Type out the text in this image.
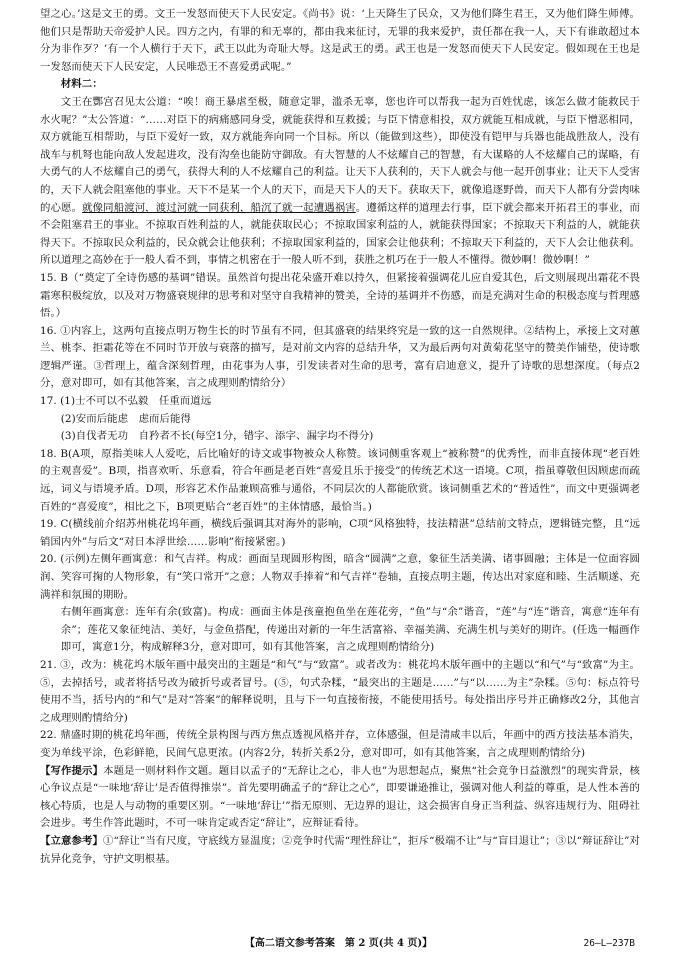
望之心。’这是文王的勇。文王一发怒而使天下人民安定。《尚书》说：‘上天降生了民众，又为他们降生君王，又为他们降生师傅。他们只是帮助天帝爱护人民。四方之内，有罪的和无辜的，都由我来征讨，无罪的我来爱护，责任都在我一人，天下有谁敢超过本分为非作歹？’有一个人横行于天下，武王以此为奇耻大辱。这是武王的勇。武王也是一发怒而使天下人民安定。假如现在王也是一发怒而使天下人民安定，人民唯恐王不喜爱勇武呢。”

材料二：

文王在酆宫召见太公道：“唉！商王暴虐至极，随意定罪，滥杀无辜，您也许可以帮我一起为百姓忧虑，该怎么做才能救民于水火呢？”太公答道：“……对臣下的病痛感同身受，就能获得和互救援；与臣下情意相投，双方就能互相成就，与臣下憎恶相同，双方就能互相帮助，与臣下爱好一致，双方就能奔向同一个目标。所以（能做到这些），即使没有铠甲与兵器也能战胜敌人，没有战车与机弩也能向敌人发起进攻，没有沟垒也能防守御敌。有大智慧的人不炫耀自己的智慧，有大谋略的人不炫耀自己的谋略，有大勇气的人不炫耀自己的勇气，获得大利的人不炫耀自己的利益。让天下人获利的，天下人就会与他一起开创事业；让天下人受害的，天下人就会阻塞他的事业。天下不是某一个人的天下，而是天下人的天下。获取天下，就像追逐野兽，而天下人都有分尝肉味的心愿。就像同船渡河，渡过河就一同获利，船沉了就一起遭遇祸害。遵循这样的道理去行事，臣下就会都来开拓君王的事业，而不会阻塞君王的事业。不掠取百姓利益的人，就能获取民心；不掠取国家利益的人，就能获得国家；不掠取天下利益的人，就能获得天下。不掠取民众利益的，民众就会让他获利；不掠取国家利益的，国家会让他获利；不掠取天下利益的，天下人会让他获利。所以道理之高妙在于一般人看不到，事情之机密在于一般人听不到，获胜之机巧在于一般人不懂得。微妙啊！微妙啊！”

15. B（“奠定了全诗伤感的基调”错误。虽然首句提出花朵盛开难以持久，但紧接着强调花儿应自爱其色，后文则展现出霜花不畏霜寒积极绽放，以及对万物盛衰规律的思考和对坚守自我精神的赞美，全诗的基调并不伤感，而是充满对生命的积极态度与哲理感悟。）

16. ①内容上，这两句直接点明万物生长的时节虽有不同，但其盛衰的结果终究是一致的这一自然规律。②结构上，承接上文对蕙兰、桃李、拒霜花等在不同时节开放与衰落的描写，是对前文内容的总结升华，又为最后两句对黄菊花坚守的赞美作铺垫，使诗歌逻辑严谨。③哲理上，蕴含深刻哲理，由花事为人事，引发读者对生命的思考，富有启迪意义，提升了诗歌的思想深度。（每点2分，意对即可，如有其他答案，言之成理则酌情给分）

17. (1)士不可以不弘毅　任重而道远

(2)安而后能虑　虑而后能得

(3)自伐者无功　自矜者不长(每空1分，错字、添字、漏字均不得分)

18. B(A项，原指美味人人爱吃，后比喻好的诗文或事物被众人称赞。该词侧重客观上“被称赞”的优秀性，而非直接体现“老百姓的主观喜爱”。B项，指喜欢听、乐意看，符合年画是老百姓“喜爱且乐于接受”的传统艺术这一语境。C项，指虽尊敬但因顾虑而疏远，词义与语境矛盾。D项，形容艺术作品兼顾高雅与通俗，不同层次的人都能欣赏。该词侧重艺术的“普适性”，而文中更强调老百姓的“喜爱度”，相比之下，B项更贴合“老百姓”的主体情感，最恰当。)

19. C(横线前介绍苏州桃花坞年画，横线后强调其对海外的影响，C项“风格独特，技法精湛”总结前文特点，逻辑链完整，且“远销国内外”与后文“对日本浮世绘……影响”衔接紧密。)

20. (示例)左侧年画寓意：和气吉祥。构成：画面呈现圆形构图，暗含“圆满”之意，象征生活美满、诸事圆融；主体是一位面容圆润、笑容可掬的人物形象，有“笑口常开”之意；人物双手捧着“和气吉祥”卷轴，直接点明主题，传达出对家庭和睦、生活顺遂、充满祥和氛围的期盼。

右侧年画寓意：连年有余(致富)。构成：画面主体是孩童抱鱼坐在莲花旁，“鱼”与“余”谐音，“莲”与“连”谐音，寓意“连年有余”；莲花又象征纯洁、美好，与金鱼搭配，传递出对新的一年生活富裕、幸福美满、充满生机与美好的期许。(任选一幅画作即可，寓意1分，构成解释3分，意对即可，如有其他答案，言之成理则酌情给分)

21. ③，改为：桃花坞木版年画中最突出的主题是“和气”与“致富”。或者改为：桃花坞木版年画中的主题以“和气”与“致富”为主。⑤，去掉括号，或者将括号改为破折号或者冒号。(⑤，句式杂糅，“最突出的主题是……”与“以……为主”杂糅。⑤句：标点符号使用不当，括号内的“和气”是对“答案”的解释说明，且与下一句直接衔接，不能使用括号。每处指出序号并正确修改2分，其他言之成理则酌情给分)

22. 鼎盛时期的桃花坞年画，传统全景构图与西方焦点透视风格并存，立体感强，但是清咸丰以后，年画中的西方技法基本消失，变为单线平涂，色彩鲜艳，民间气息更浓。(内容2分，转折关系2分，意对即可，如有其他答案，言之成理则酌情给分)

【写作提示】本题是一则材料作文题。题目以孟子的“无辞让之心，非人也”为思想起点，聚焦“社会竞争日益激烈”的现实背景，核心争议点是“一味地‘辞让’是否值得推崇”。首先要明确孟子的“辞让之心”，即要谦逊推让，强调对他人利益的尊重，是人性本善的核心特质，也是人与动物的重要区别。“一味地‘辞让’”指无原则、无边界的退让，这会损害自身正当利益、纵容违规行为、阻碍社会进步。考生作答此题时，不可一味肯定或否定“辞让”，应辩证看待。

【立意参考】①“辞让”当有尺度，守底线方显温度；②竞争时代需“理性辞让”，拒斥“极端不让”与“盲目退让”；③以“辩证辞让”对抗异化竞争，守护文明根基。

【高二语文参考答案　第 2 页(共 4 页)】	26—L—237B
